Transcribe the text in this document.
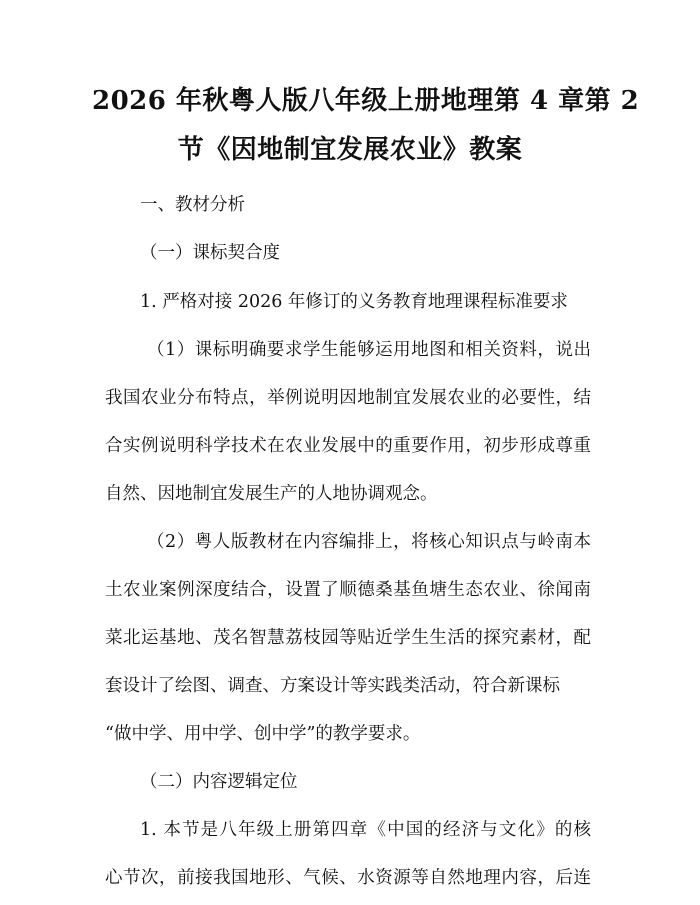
2026 年秋粤人版八年级上册地理第 4 章第 2
节《因地制宜发展农业》教案
一、教材分析
（一）课标契合度
1. 严格对接 2026 年修订的义务教育地理课程标准要求
（1）课标明确要求学生能够运用地图和相关资料，说出
我国农业分布特点，举例说明因地制宜发展农业的必要性，结
合实例说明科学技术在农业发展中的重要作用，初步形成尊重
自然、因地制宜发展生产的人地协调观念。
（2）粤人版教材在内容编排上，将核心知识点与岭南本
土农业案例深度结合，设置了顺德桑基鱼塘生态农业、徐闻南
菜北运基地、茂名智慧荔枝园等贴近学生生活的探究素材，配
套设计了绘图、调查、方案设计等实践类活动，符合新课标
“做中学、用中学、创中学”的教学要求。
（二）内容逻辑定位
1. 本节是八年级上册第四章《中国的经济与文化》的核
心节次，前接我国地形、气候、水资源等自然地理内容，后连
